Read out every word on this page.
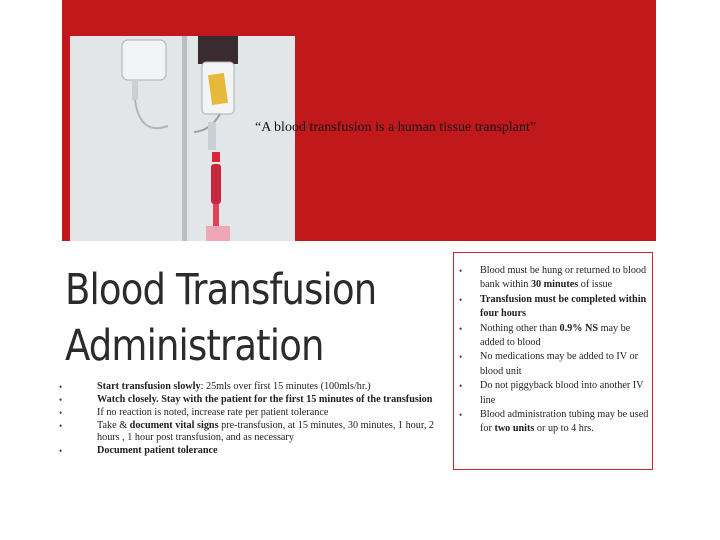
“A blood transfusion is a human tissue transplant”

Blood Transfusion
Administration
•	Start transfusion slowly: 25mls over first 15 minutes (100mls/hr.)
•	Watch closely. Stay with the patient for the first 15 minutes of the transfusion
•	If no reaction is noted, increase rate per patient tolerance
•	Take & document vital signs pre-transfusion, at 15 minutes, 30 minutes, 1 hour, 2 hours , 1 hour post transfusion, and as necessary
•	Document patient tolerance
• Blood must be hung or returned to blood bank within 30 minutes of issue
• Transfusion must be completed within four hours
• Nothing other than 0.9% NS may be added to blood
• No medications may be added to IV or blood unit
• Do not piggyback blood into another IV line
• Blood administration tubing may be used for two units or up to 4 hrs.
